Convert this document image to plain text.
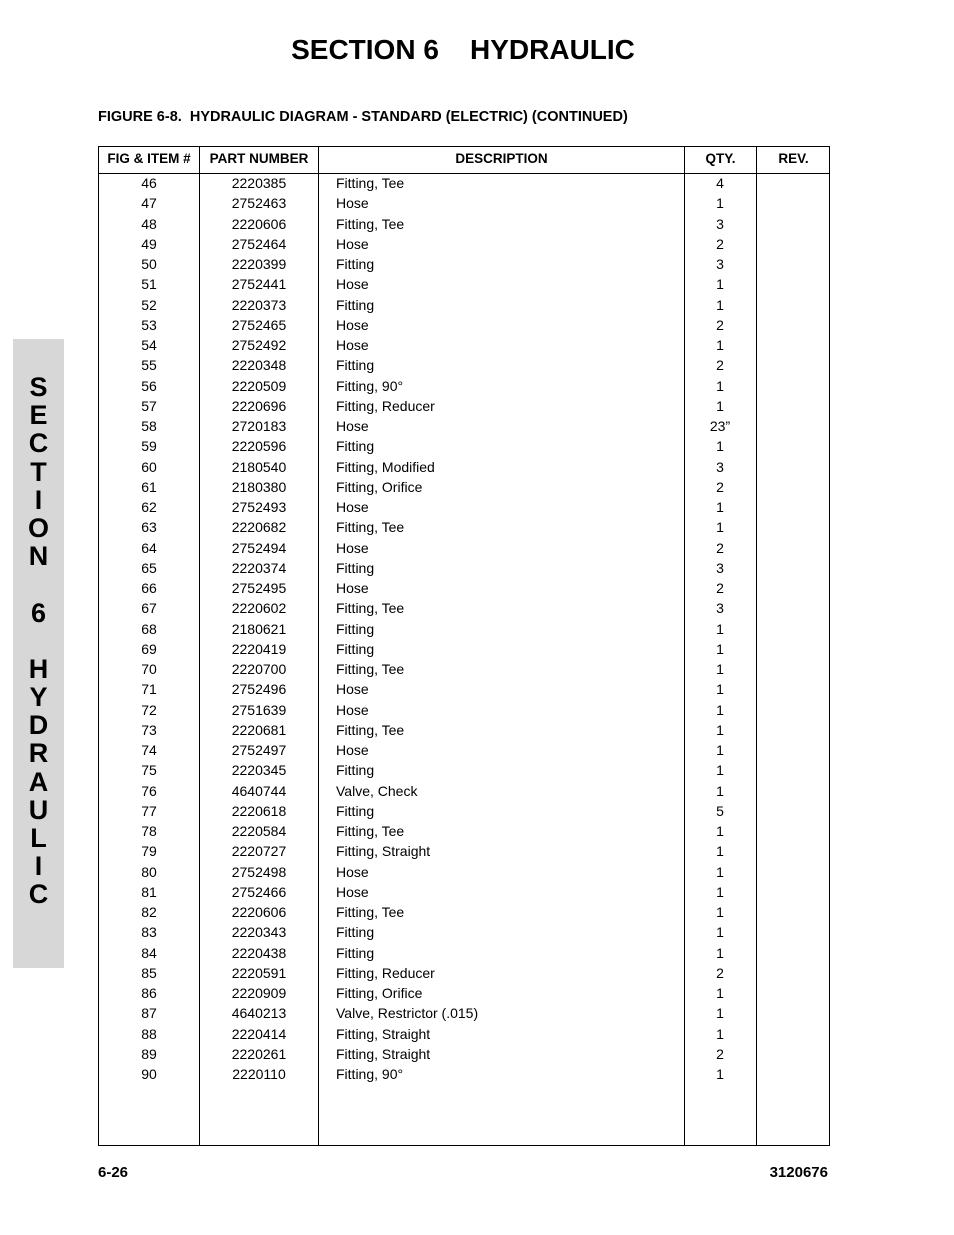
SECTION 6    HYDRAULIC
FIGURE 6-8.  HYDRAULIC DIAGRAM - STANDARD (ELECTRIC) (CONTINUED)
S
E
C
T
I
O
N
6
H
Y
D
R
A
U
L
I
C
FIG & ITEM #	PART NUMBER	DESCRIPTION	QTY.	REV.
46	2220385	Fitting, Tee	4
47	2752463	Hose	1
48	2220606	Fitting, Tee	3
49	2752464	Hose	2
50	2220399	Fitting	3
51	2752441	Hose	1
52	2220373	Fitting	1
53	2752465	Hose	2
54	2752492	Hose	1
55	2220348	Fitting	2
56	2220509	Fitting, 90°	1
57	2220696	Fitting, Reducer	1
58	2720183	Hose	23”
59	2220596	Fitting	1
60	2180540	Fitting, Modified	3
61	2180380	Fitting, Orifice	2
62	2752493	Hose	1
63	2220682	Fitting, Tee	1
64	2752494	Hose	2
65	2220374	Fitting	3
66	2752495	Hose	2
67	2220602	Fitting, Tee	3
68	2180621	Fitting	1
69	2220419	Fitting	1
70	2220700	Fitting, Tee	1
71	2752496	Hose	1
72	2751639	Hose	1
73	2220681	Fitting, Tee	1
74	2752497	Hose	1
75	2220345	Fitting	1
76	4640744	Valve, Check	1
77	2220618	Fitting	5
78	2220584	Fitting, Tee	1
79	2220727	Fitting, Straight	1
80	2752498	Hose	1
81	2752466	Hose	1
82	2220606	Fitting, Tee	1
83	2220343	Fitting	1
84	2220438	Fitting	1
85	2220591	Fitting, Reducer	2
86	2220909	Fitting, Orifice	1
87	4640213	Valve, Restrictor (.015)	1
88	2220414	Fitting, Straight	1
89	2220261	Fitting, Straight	2
90	2220110	Fitting, 90°	1
6-26	3120676
